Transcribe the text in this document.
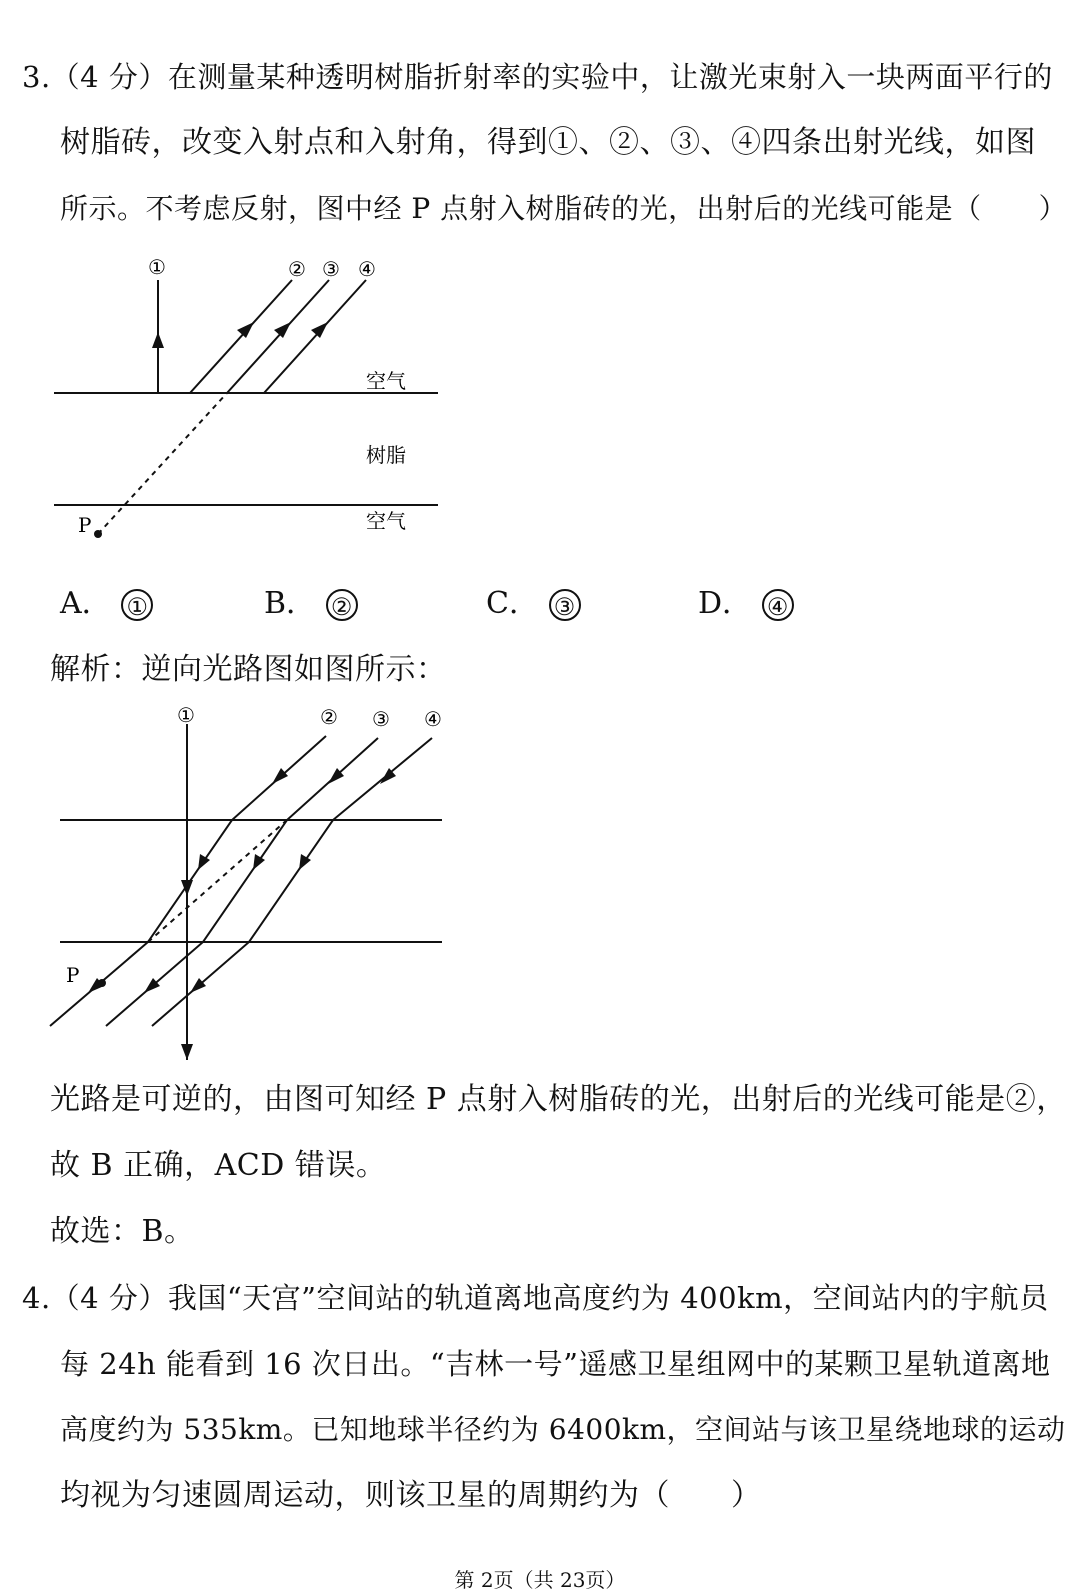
3.（4 分）在测量某种透明树脂折射率的实验中，让激光束射入一块两面平行的
树脂砖，改变入射点和入射角，得到①、②、③、④四条出射光线，如图
所示。不考虑反射，图中经 P 点射入树脂砖的光，出射后的光线可能是（　　）
P
①	② ③ ④
空气
树脂
空气
A． ①	B． ②	C． ③	D． ④
解析：逆向光路图如图所示：
P
①	② ③ ④
光路是可逆的，由图可知经 P 点射入树脂砖的光，出射后的光线可能是②，
故 B 正确，ACD 错误。
故选：B。
4.（4 分）我国“天宫”空间站的轨道离地高度约为 400km，空间站内的宇航员
每 24h 能看到 16 次日出。“吉林一号”遥感卫星组网中的某颗卫星轨道离地
高度约为 535km。已知地球半径约为 6400km，空间站与该卫星绕地球的运动
均视为匀速圆周运动，则该卫星的周期约为（　　）
第 2页（共 23页）
